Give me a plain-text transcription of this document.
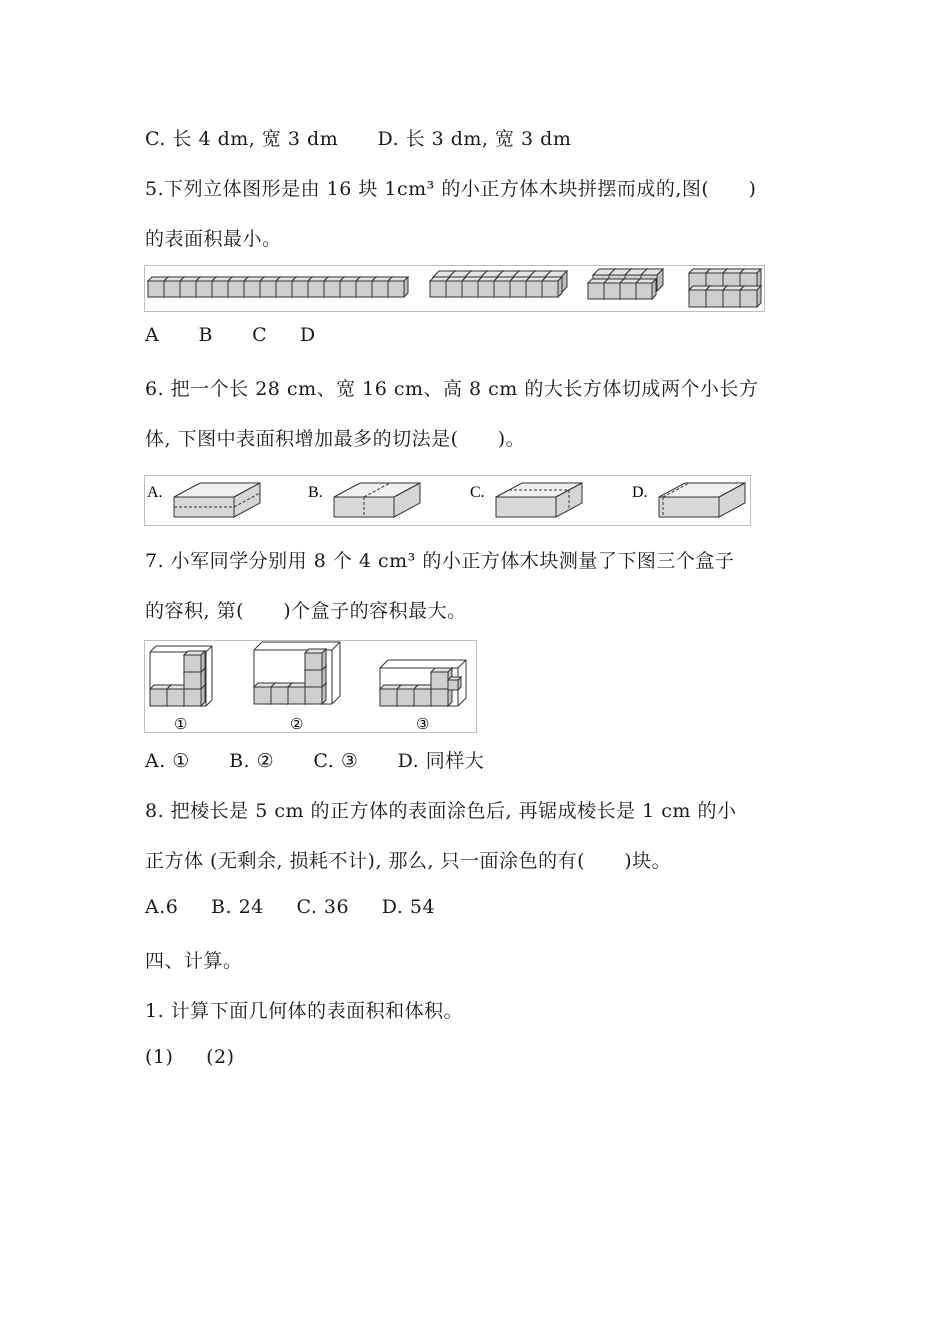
C. 长 4 dm, 宽 3 dm      D. 长 3 dm, 宽 3 dm
5.下列立体图形是由 16 块 1cm³ 的小正方体木块拼摆而成的,图(      )
的表面积最小。
A      B      C     D
6. 把一个长 28 cm、宽 16 cm、高 8 cm 的大长方体切成两个小长方
体, 下图中表面积增加最多的切法是(      )。
A.	B.	C.	D.
7. 小军同学分别用 8 个 4 cm³ 的小正方体木块测量了下图三个盒子
的容积, 第(      )个盒子的容积最大。
①	②	③
A. ①      B. ②      C. ③      D. 同样大
8. 把棱长是 5 cm 的正方体的表面涂色后, 再锯成棱长是 1 cm 的小
正方体 (无剩余, 损耗不计), 那么, 只一面涂色的有(      )块。
A.6     B. 24     C. 36     D. 54
四、计算。
1. 计算下面几何体的表面积和体积。
(1)     (2)
